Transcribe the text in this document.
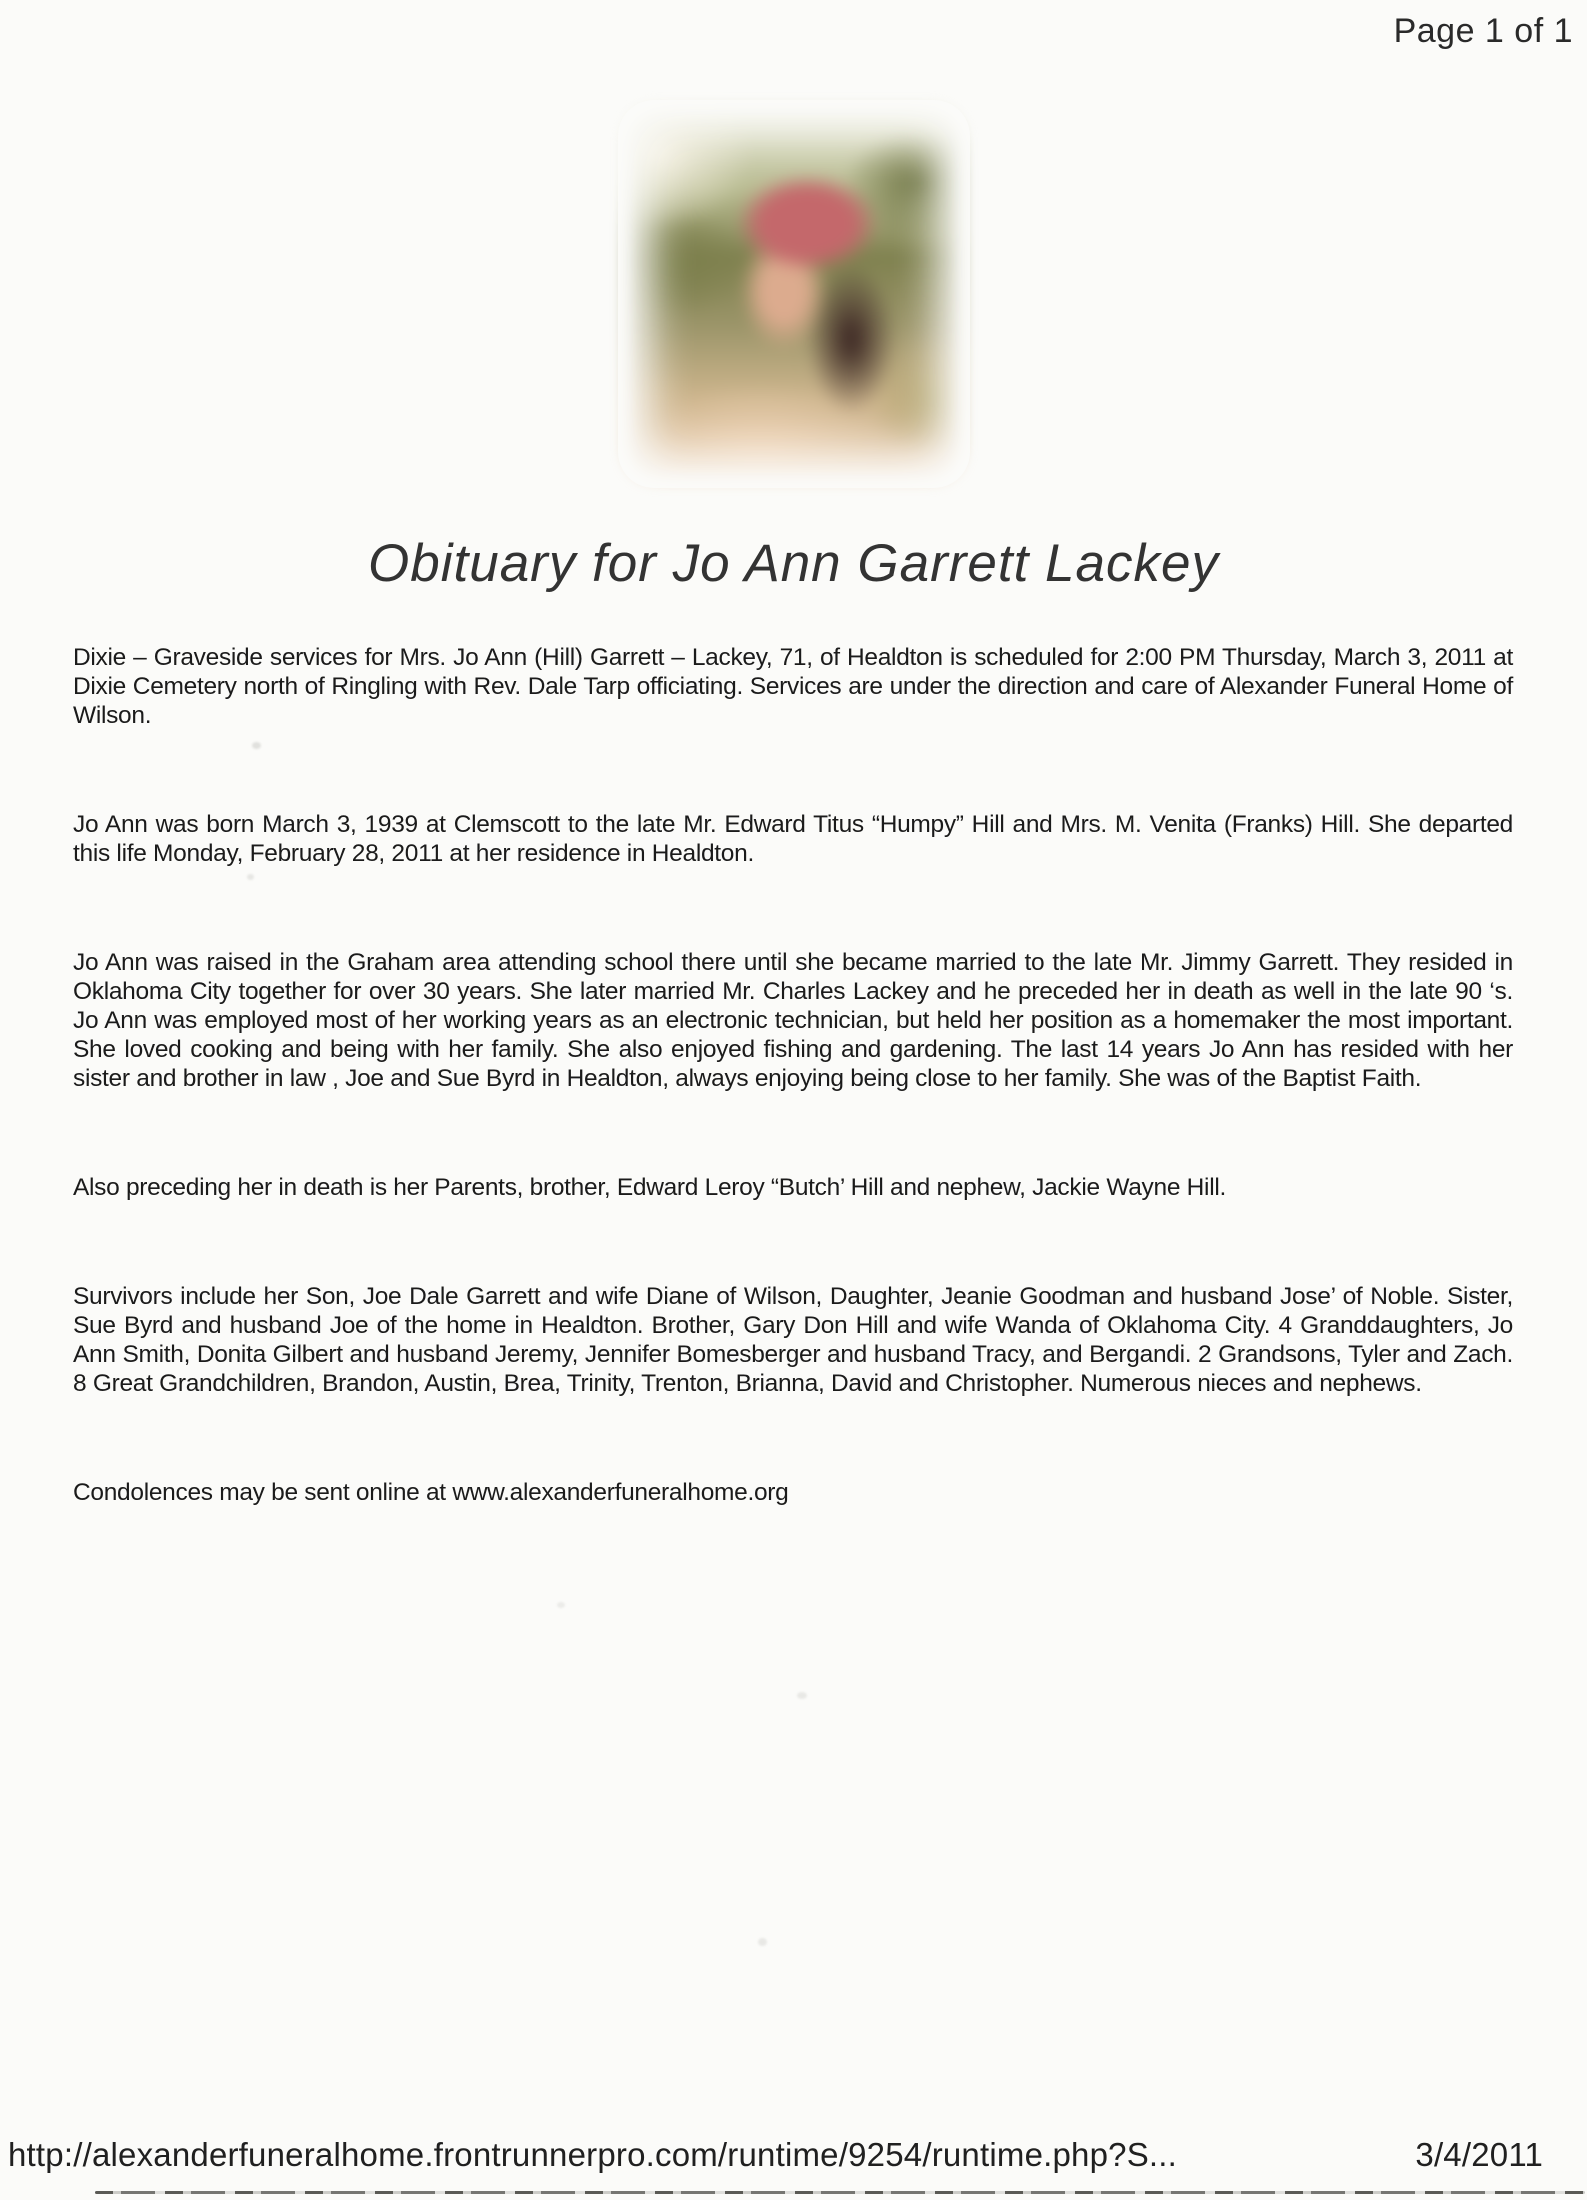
Page 1 of 1
Obituary for Jo Ann Garrett Lackey

Dixie – Graveside services for Mrs. Jo Ann (Hill) Garrett – Lackey, 71, of Healdton is scheduled for 2:00 PM Thursday, March 3, 2011 at Dixie Cemetery north of Ringling with Rev. Dale Tarp officiating. Services are under the direction and care of Alexander Funeral Home of Wilson.

Jo Ann was born March 3, 1939 at Clemscott to the late Mr. Edward Titus “Humpy” Hill and Mrs. M. Venita (Franks) Hill. She departed this life Monday, February 28, 2011 at her residence in Healdton.

Jo Ann was raised in the Graham area attending school there until she became married to the late Mr. Jimmy Garrett. They resided in Oklahoma City together for over 30 years. She later married Mr. Charles Lackey and he preceded her in death as well in the late 90 ‘s. Jo Ann was employed most of her working years as an electronic technician, but held her position as a homemaker the most important. She loved cooking and being with her family. She also enjoyed fishing and gardening. The last 14 years Jo Ann has resided with her sister and brother in law , Joe and Sue Byrd in Healdton, always enjoying being close to her family. She was of the Baptist Faith.

Also preceding her in death is her Parents, brother, Edward Leroy “Butch’ Hill and nephew, Jackie Wayne Hill.

Survivors include her Son, Joe Dale Garrett and wife Diane of Wilson, Daughter, Jeanie Goodman and husband Jose’ of Noble. Sister, Sue Byrd and husband Joe of the home in Healdton. Brother, Gary Don Hill and wife Wanda of Oklahoma City. 4 Granddaughters, Jo Ann Smith, Donita Gilbert and husband Jeremy, Jennifer Bomesberger and husband Tracy, and Bergandi. 2 Grandsons, Tyler and Zach. 8 Great Grandchildren, Brandon, Austin, Brea, Trinity, Trenton, Brianna, David and Christopher. Numerous nieces and nephews.

Condolences may be sent online at www.alexanderfuneralhome.org

http://alexanderfuneralhome.frontrunnerpro.com/runtime/9254/runtime.php?S...	3/4/2011
